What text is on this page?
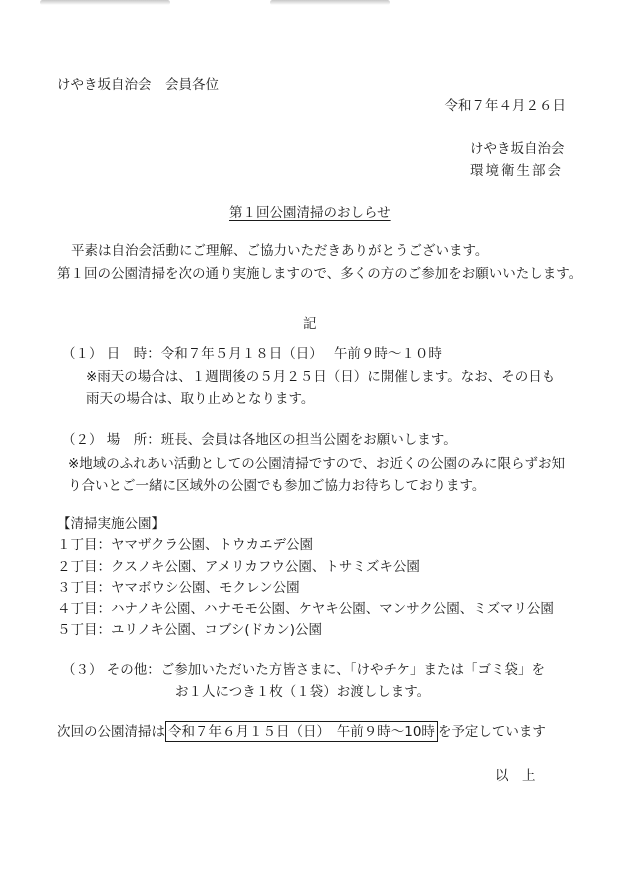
けやき坂自治会　会員各位
令和７年４月２６日
けやき坂自治会
環境衛生部会
第１回公園清掃のおしらせ
平素は自治会活動にご理解、ご協力いただきありがとうございます。
第１回の公園清掃を次の通り実施しますので、多くの方のご参加をお願いいたします。
記
（１） 日　時：令和７年５月１８日（日）　 午前９時～１０時
※雨天の場合は、１週間後の５月２５日（日）に開催します。なお、その日も
雨天の場合は、取り止めとなります。
（２） 場　所：班長、会員は各地区の担当公園をお願いします。
※地域のふれあい活動としての公園清掃ですので、お近くの公園のみに限らずお知
り合いとご一緒に区域外の公園でも参加ご協力お待ちしております。
【清掃実施公園】
１丁目：ヤマザクラ公園、トウカエデ公園
２丁目：クスノキ公園、アメリカフウ公園、トサミズキ公園
３丁目：ヤマボウシ公園、モクレン公園
４丁目：ハナノキ公園、ハナモモ公園、ケヤキ公園、マンサク公園、ミズマリ公園
５丁目：ユリノキ公園、コブシ(ドカン)公園
（３） その他：ご参加いただいた方皆さまに、「けやチケ」または「ゴミ袋」を
お１人につき１枚（１袋）お渡しします。
次回の公園清掃は 令和７年６月１５日（日）　午前９時～10時 を予定しています
以　上
